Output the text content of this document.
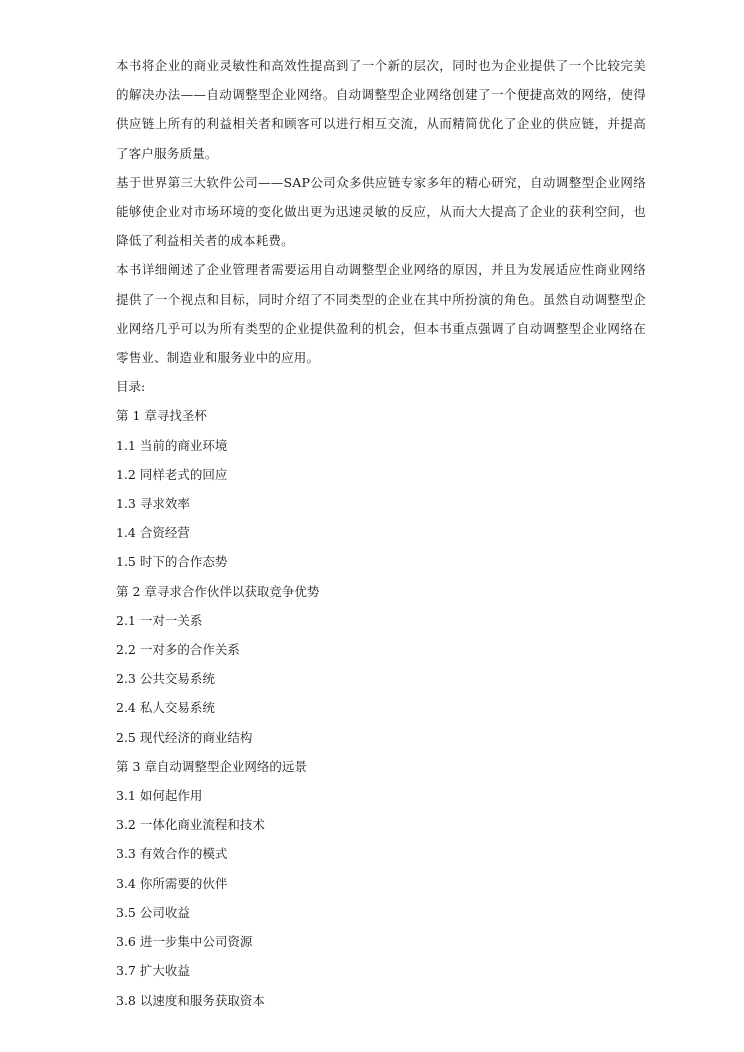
本书将企业的商业灵敏性和高效性提高到了一个新的层次，同时也为企业提供了一个比较完美的解决办法——自动调整型企业网络。自动调整型企业网络创建了一个便捷高效的网络，使得供应链上所有的利益相关者和顾客可以进行相互交流，从而精简优化了企业的供应链，并提高了客户服务质量。

基于世界第三大软件公司——SAP公司众多供应链专家多年的精心研究，自动调整型企业网络能够使企业对市场环境的变化做出更为迅速灵敏的反应，从而大大提高了企业的获利空间，也降低了利益相关者的成本耗费。

本书详细阐述了企业管理者需要运用自动调整型企业网络的原因，并且为发展适应性商业网络提供了一个视点和目标，同时介绍了不同类型的企业在其中所扮演的角色。虽然自动调整型企业网络几乎可以为所有类型的企业提供盈利的机会，但本书重点强调了自动调整型企业网络在零售业、制造业和服务业中的应用。

目录:
第 1 章寻找圣杯
1.1 当前的商业环境
1.2 同样老式的回应
1.3 寻求效率
1.4 合资经营
1.5 时下的合作态势
第 2 章寻求合作伙伴以获取竞争优势
2.1 一对一关系
2.2 一对多的合作关系
2.3 公共交易系统
2.4 私人交易系统
2.5 现代经济的商业结构
第 3 章自动调整型企业网络的远景
3.1 如何起作用
3.2 一体化商业流程和技术
3.3 有效合作的模式
3.4 你所需要的伙伴
3.5 公司收益
3.6 进一步集中公司资源
3.7 扩大收益
3.8 以速度和服务获取资本
